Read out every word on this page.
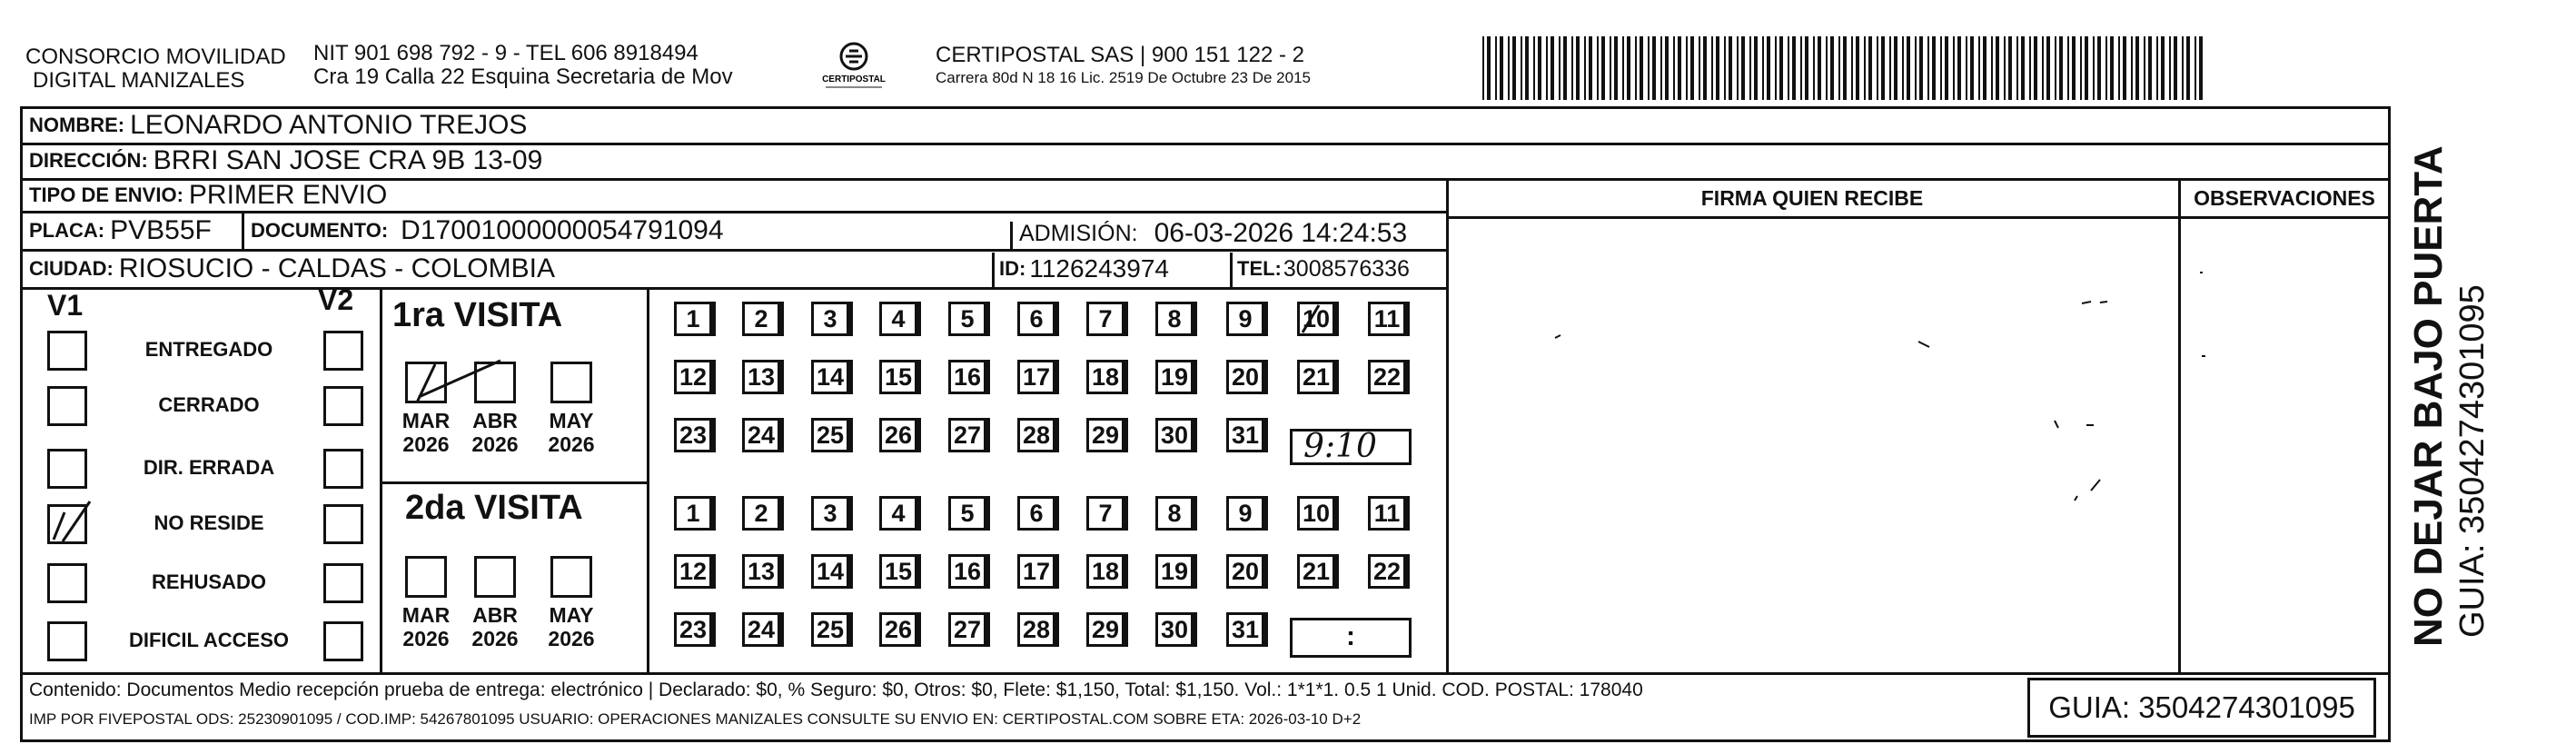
CONSORCIO MOVILIDAD
DIGITAL MANIZALES
NIT 901 698 792 - 9 - TEL 606 8918494
Cra 19 Calla 22 Esquina Secretaria de Mov	CERTIPOSTAL
CERTIPOSTAL SAS | 900 151 122 - 2
Carrera 80d N 18 16 Lic. 2519 De Octubre 23 De 2015
NOMBRE: LEONARDO ANTONIO TREJOS
DIRECCIÓN: BRRI SAN JOSE CRA 9B 13-09
TIPO DE ENVIO: PRIMER ENVIO	FIRMA QUIEN RECIBE	OBSERVACIONES
PLACA: PVB55F DOCUMENTO: D17001000000054791094	ADMISIÓN: 06-03-2026 14:24:53
CIUDAD: RIOSUCIO - CALDAS - COLOMBIA	ID: 1126243974	TEL: 3008576336
V1	V2
ENTREGADO
CERRADO
DIR. ERRADA
NO RESIDE
REHUSADO
DIFICIL ACCESO
1ra VISITA
2da VISITA
MAR
2026
ABR
2026
MAY
2026
MAR
2026
ABR
2026
MAY
2026
1	2	3	4	5	6	7	8	9	10 11
12 13 14 15 16 17 18 19 20 21 22
23 24 25 26 27 28 29 30 31
1	2	3	4	5	6	7	8	9	10 11
12 13 14 15 16 17 18 19 20 21 22
23 24 25 26 27 28 29 30 31
9:10
:
Contenido: Documentos Medio recepción prueba de entrega: electrónico | Declarado: $0, % Seguro: $0, Otros: $0, Flete: $1,150, Total: $1,150. Vol.: 1*1*1. 0.5 1 Unid. COD. POSTAL: 178040
IMP POR FIVEPOSTAL ODS: 25230901095 / COD.IMP: 54267801095 USUARIO: OPERACIONES MANIZALES CONSULTE SU ENVIO EN: CERTIPOSTAL.COM SOBRE ETA: 2026-03-10 D+2	GUIA: 3504274301095
NO DEJAR BAJO PUERTA GUIA: 3504274301095
